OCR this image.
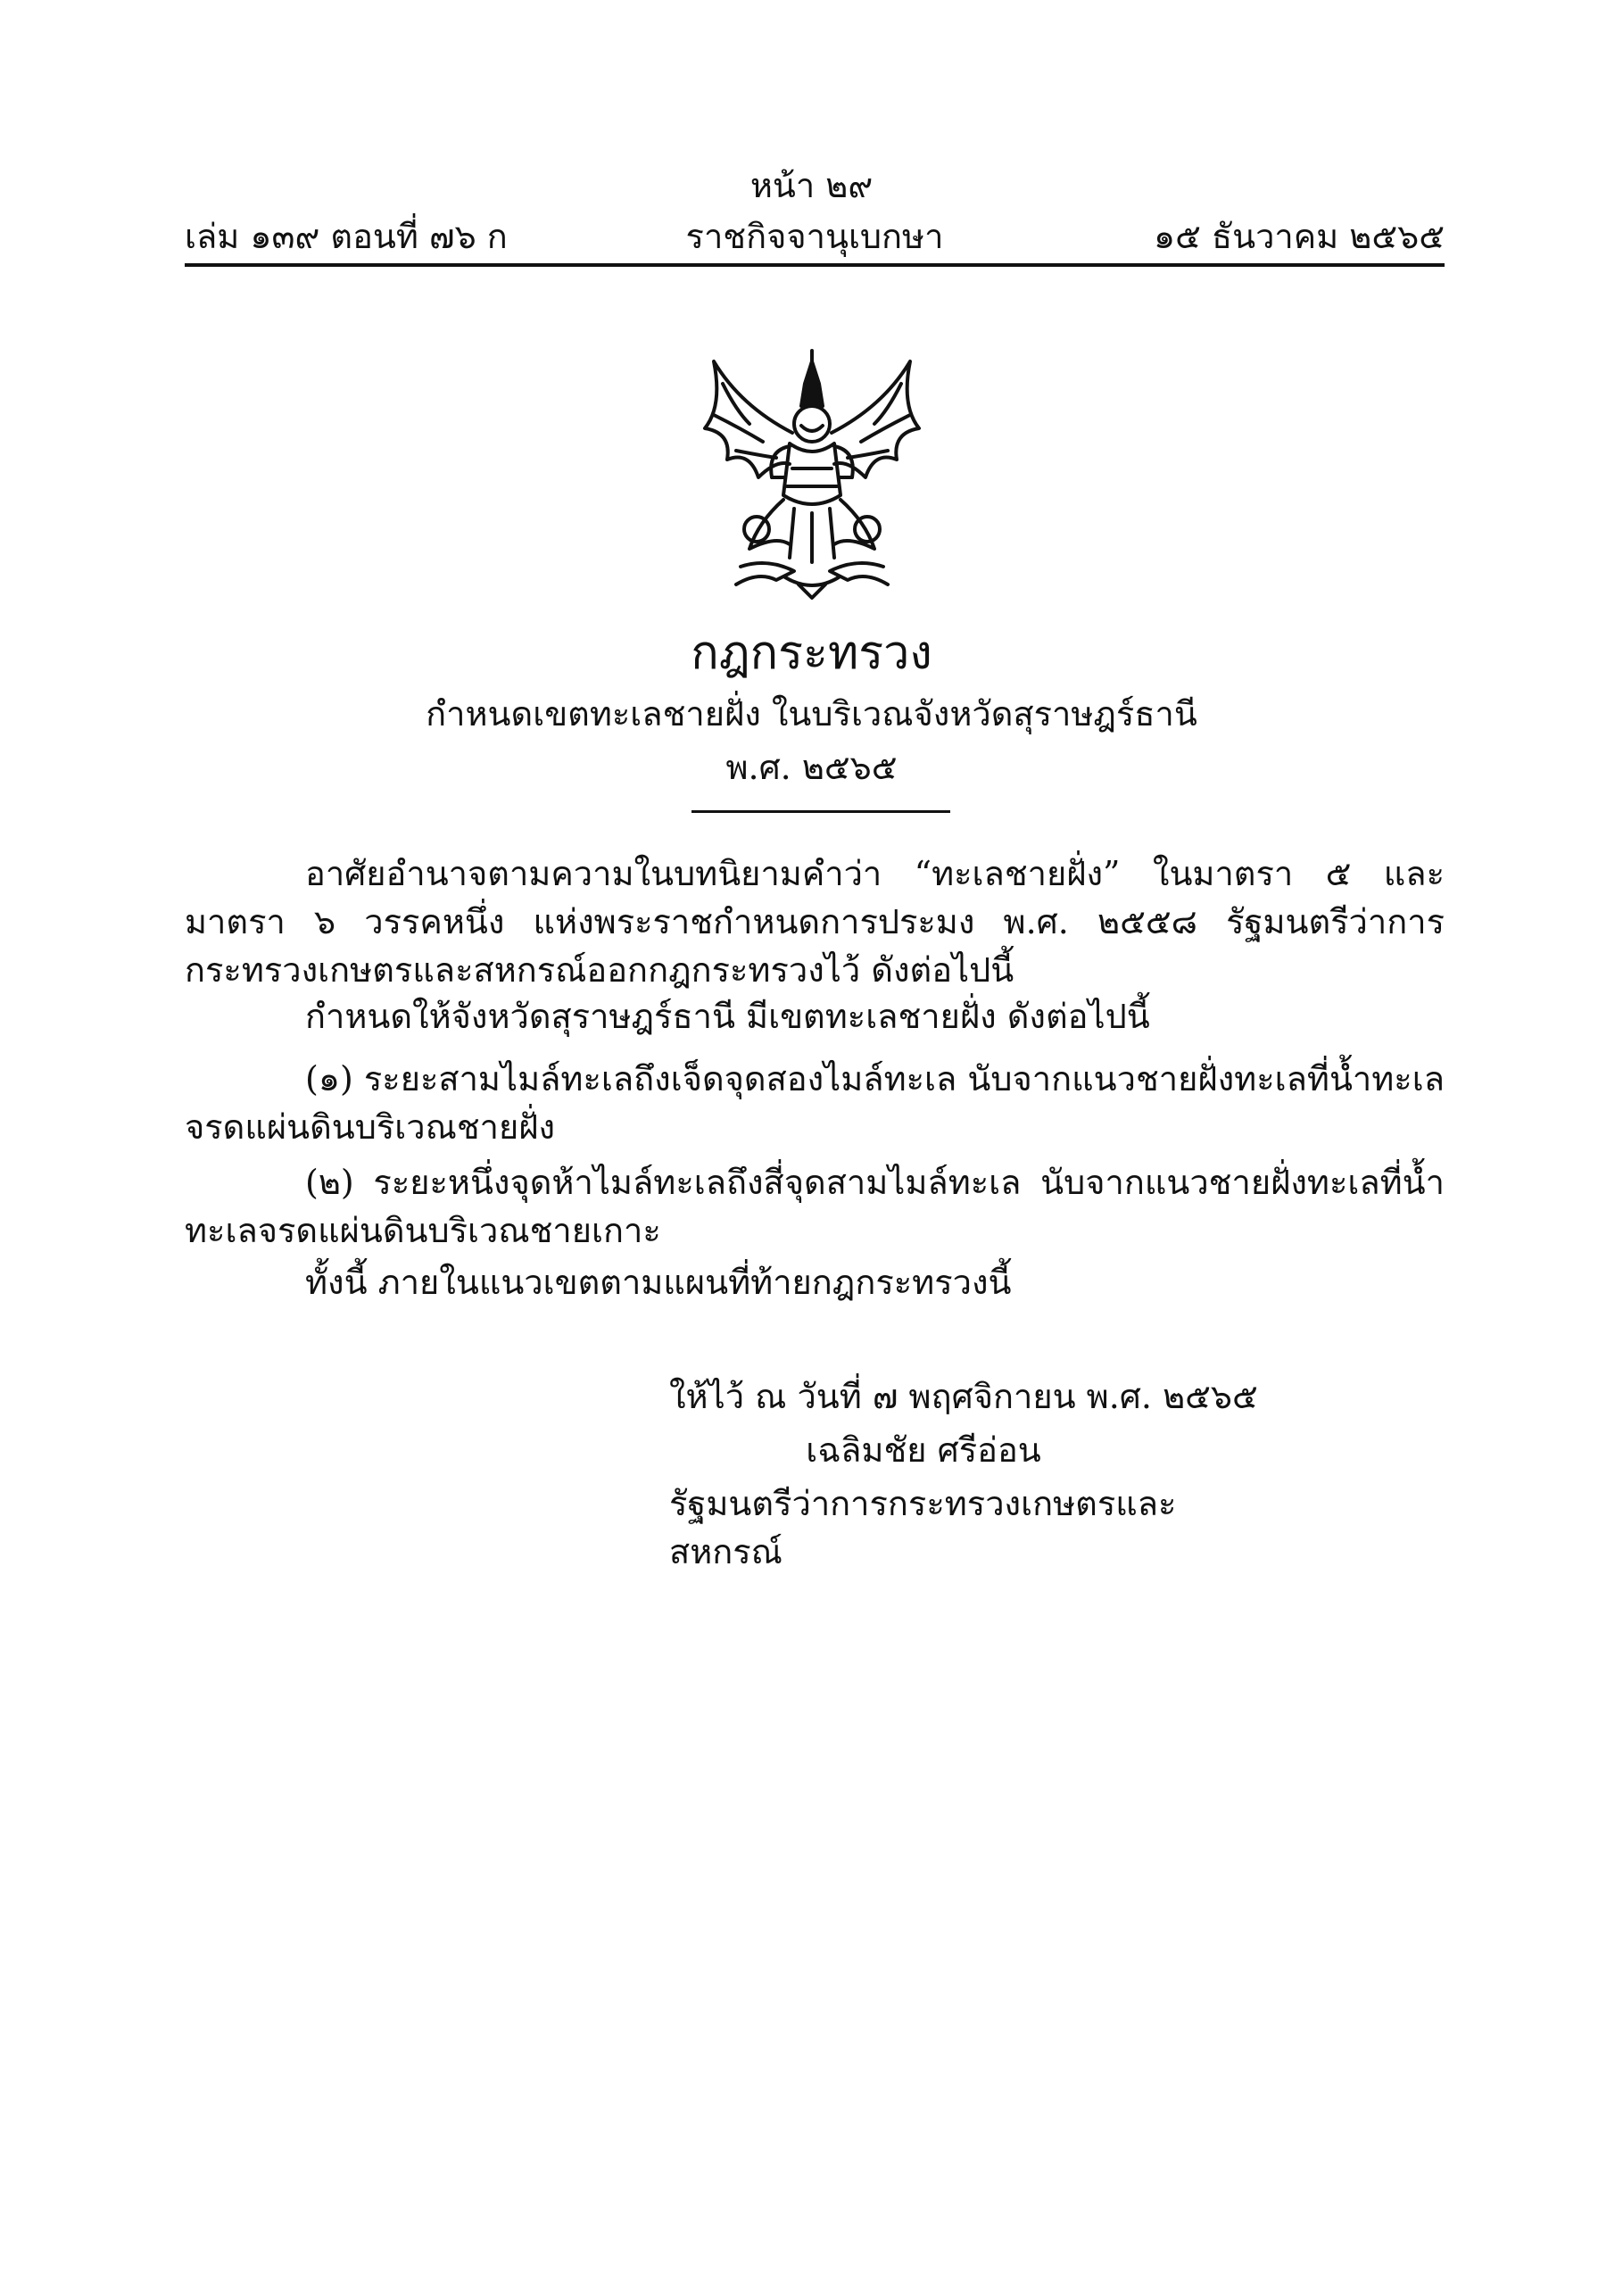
หน้า ๒๙
เล่ม ๑๓๙ ตอนที่ ๗๖ ก	ราชกิจจานุเบกษา	๑๕ ธันวาคม ๒๕๖๕
กฎกระทรวง
กำหนดเขตทะเลชายฝั่ง ในบริเวณจังหวัดสุราษฎร์ธานี
พ.ศ. ๒๕๖๕
อาศัยอำนาจตามความในบทนิยามคำว่า “ทะเลชายฝั่ง” ในมาตรา ๕ และมาตรา ๖ วรรคหนึ่ง แห่งพระราชกำหนดการประมง พ.ศ. ๒๕๕๘ รัฐมนตรีว่าการกระทรวงเกษตรและสหกรณ์ออกกฎกระทรวงไว้ ดังต่อไปนี้
กำหนดให้จังหวัดสุราษฎร์ธานี มีเขตทะเลชายฝั่ง ดังต่อไปนี้
(๑) ระยะสามไมล์ทะเลถึงเจ็ดจุดสองไมล์ทะเล นับจากแนวชายฝั่งทะเลที่น้ำทะเลจรดแผ่นดินบริเวณชายฝั่ง
(๒) ระยะหนึ่งจุดห้าไมล์ทะเลถึงสี่จุดสามไมล์ทะเล นับจากแนวชายฝั่งทะเลที่น้ำทะเลจรดแผ่นดินบริเวณชายเกาะ
ทั้งนี้ ภายในแนวเขตตามแผนที่ท้ายกฎกระทรวงนี้
ให้ไว้ ณ วันที่ ๗ พฤศจิกายน พ.ศ. ๒๕๖๕
เฉลิมชัย ศรีอ่อน
รัฐมนตรีว่าการกระทรวงเกษตรและสหกรณ์
